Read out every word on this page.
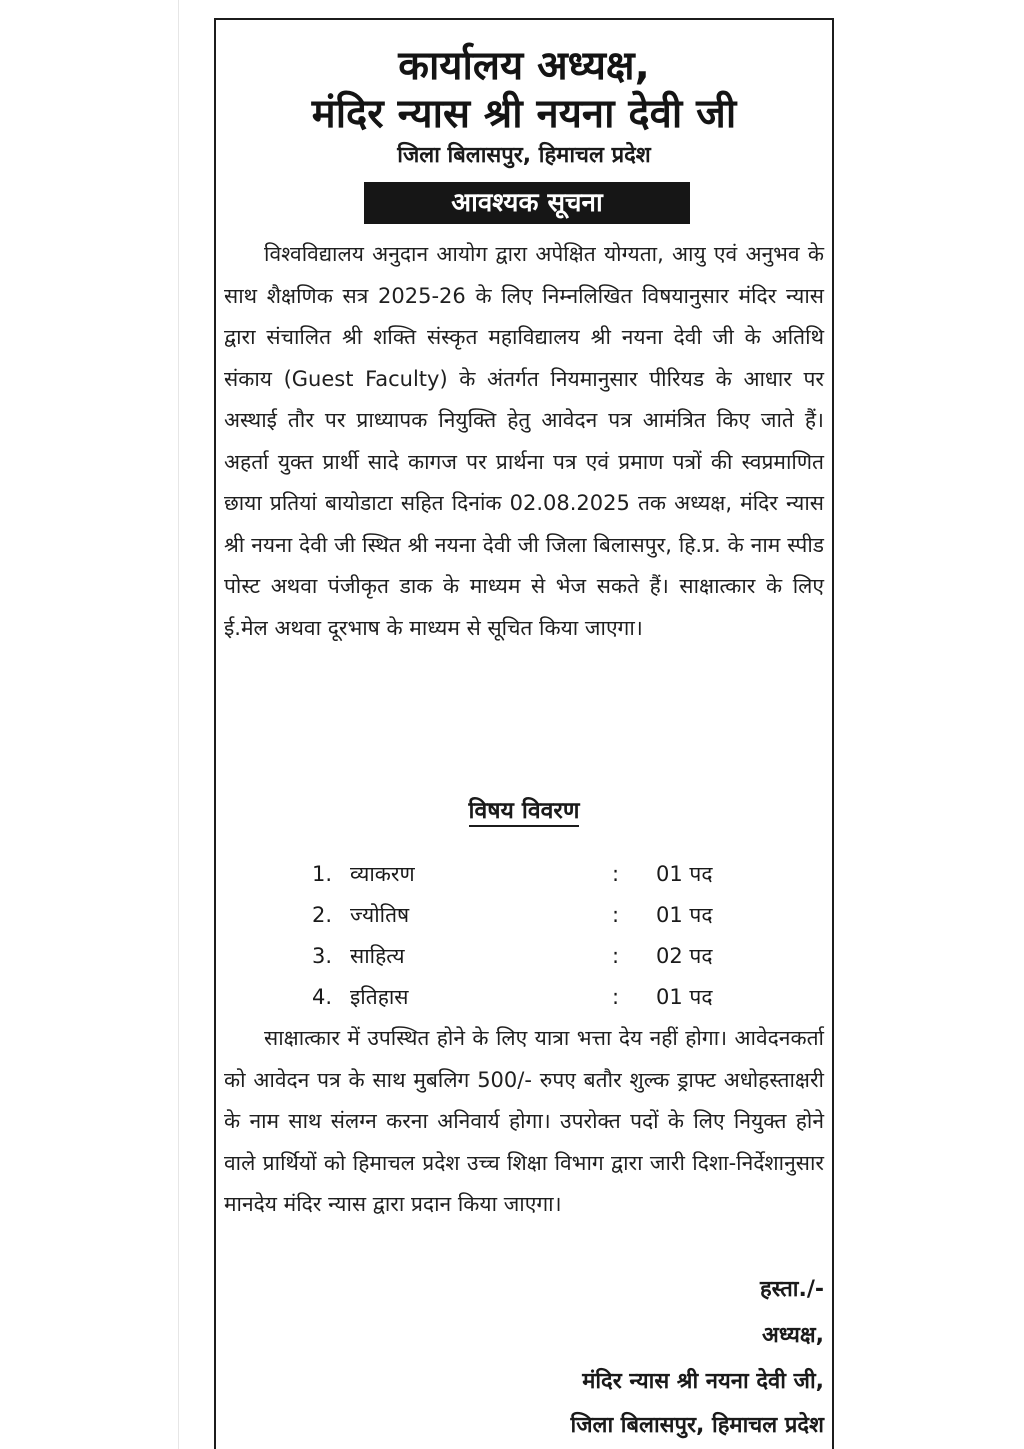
कार्यालय अध्यक्ष,
मंदिर न्यास श्री नयना देवी जी
जिला बिलासपुर, हिमाचल प्रदेश
आवश्यक सूचना
विश्वविद्यालय अनुदान आयोग द्वारा अपेक्षित योग्यता, आयु एवं अनुभव के साथ शैक्षणिक सत्र 2025-26 के लिए निम्नलिखित विषयानुसार मंदिर न्यास द्वारा संचालित श्री शक्ति संस्कृत महाविद्यालय श्री नयना देवी जी के अतिथि संकाय (Guest Faculty) के अंतर्गत नियमानुसार पीरियड के आधार पर अस्थाई तौर पर प्राध्यापक नियुक्ति हेतु आवेदन पत्र आमंत्रित किए जाते हैं। अहर्ता युक्त प्रार्थी सादे कागज पर प्रार्थना पत्र एवं प्रमाण पत्रों की स्वप्रमाणित छाया प्रतियां बायोडाटा सहित दिनांक 02.08.2025 तक अध्यक्ष, मंदिर न्यास श्री नयना देवी जी स्थित श्री नयना देवी जी जिला बिलासपुर, हि.प्र. के नाम स्पीड पोस्ट अथवा पंजीकृत डाक के माध्यम से भेज सकते हैं। साक्षात्कार के लिए ई.मेल अथवा दूरभाष के माध्यम से सूचित किया जाएगा।
विषय विवरण
1. व्याकरण	: 01 पद
2. ज्योतिष	: 01 पद
3. साहित्य	: 02 पद
4. इतिहास	: 01 पद
साक्षात्कार में उपस्थित होने के लिए यात्रा भत्ता देय नहीं होगा। आवेदनकर्ता को आवेदन पत्र के साथ मुबलिग 500/- रुपए बतौर शुल्क ड्राफ्ट अधोहस्ताक्षरी के नाम साथ संलग्न करना अनिवार्य होगा। उपरोक्त पदों के लिए नियुक्त होने वाले प्रार्थियों को हिमाचल प्रदेश उच्च शिक्षा विभाग द्वारा जारी दिशा-निर्देशानुसार मानदेय मंदिर न्यास द्वारा प्रदान किया जाएगा।
हस्ता./-
अध्यक्ष,
मंदिर न्यास श्री नयना देवी जी,
जिला बिलासपुर, हिमाचल प्रदेश
